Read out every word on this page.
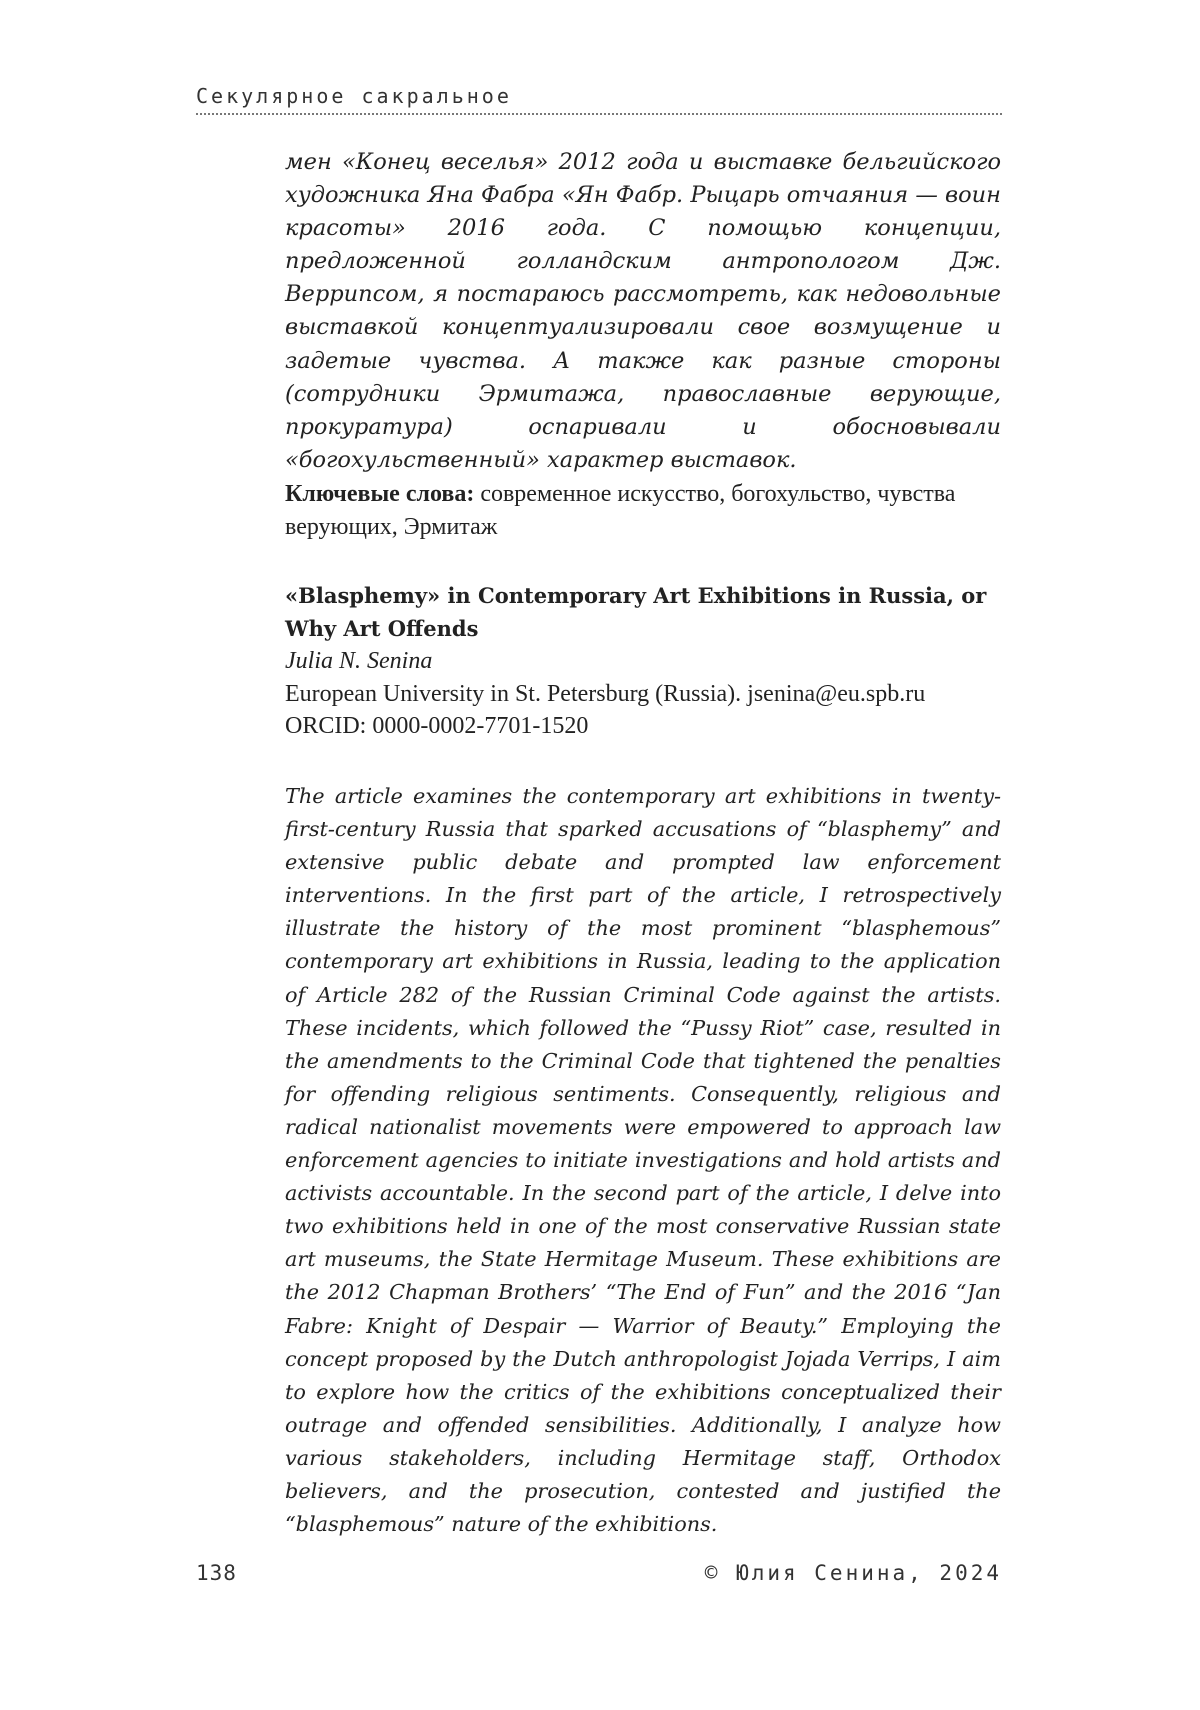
Секулярное сакральное

мен «Конец веселья» 2012 года и выставке бельгийского художника Яна Фабра «Ян Фабр. Рыцарь отчаяния — воин красоты» 2016 года. С помощью концепции, предложенной голландским антропологом Дж. Веррипсом, я постараюсь рассмотреть, как недовольные выставкой концептуализировали свое возмущение и задетые чувства. А также как разные стороны (сотрудники Эрмитажа, православные верующие, прокуратура) оспаривали и обосновывали «богохульственный» характер выставок.

Ключевые слова: современное искусство, богохульство, чувства верующих, Эрмитаж

«Blasphemy» in Contemporary Art Exhibitions in Russia, or Why Art Offends
Julia N. Senina
European University in St. Petersburg (Russia). jsenina@eu.spb.ru
ORCID: 0000-0002-7701-1520

The article examines the contemporary art exhibitions in twenty-first-century Russia that sparked accusations of “blasphemy” and extensive public debate and prompted law enforcement interventions. In the first part of the article, I retrospectively illustrate the history of the most prominent “blasphemous” contemporary art exhibitions in Russia, leading to the application of Article 282 of the Russian Criminal Code against the artists. These incidents, which followed the “Pussy Riot” case, resulted in the amendments to the Criminal Code that tightened the penalties for offending religious sentiments. Consequently, religious and radical nationalist movements were empowered to approach law enforcement agencies to initiate investigations and hold artists and activists accountable. In the second part of the article, I delve into two exhibitions held in one of the most conservative Russian state art museums, the State Hermitage Museum. These exhibitions are the 2012 Chapman Brothers’ “The End of Fun” and the 2016 “Jan Fabre: Knight of Despair — Warrior of Beauty.” Employing the concept proposed by the Dutch anthropologist Jojada Verrips, I aim to explore how the critics of the exhibitions conceptualized their outrage and offended sensibilities. Additionally, I analyze how various stakeholders, including Hermitage staff, Orthodox believers, and the prosecution, contested and justified the “blasphemous” nature of the exhibitions.

138	© Юлия Сенина, 2024
